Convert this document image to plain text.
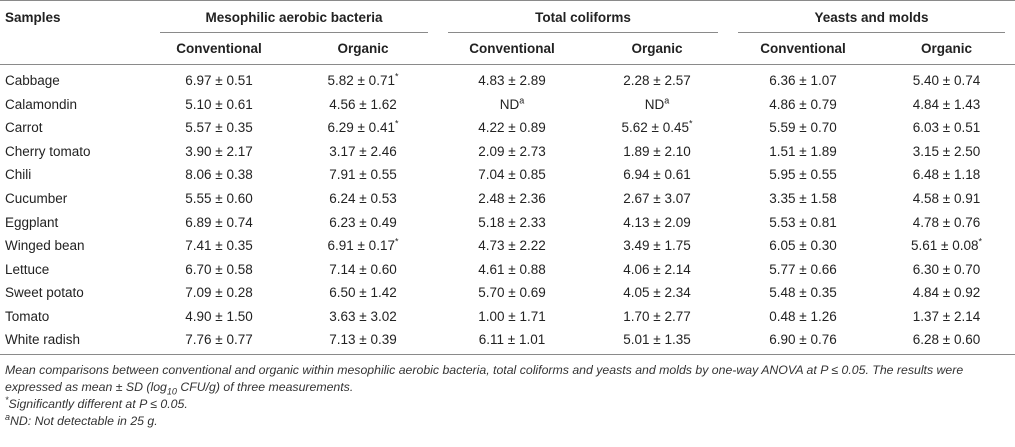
Samples	Mesophilic aerobic bacteria		Total coliforms		Yeasts and molds	

	Conventional	Organic	Conventional	Organic	Conventional	Organic
Cabbage	6.97 ± 0.51	5.82 ± 0.71*	4.83 ± 2.89	2.28 ± 2.57	6.36 ± 1.07	5.40 ± 0.74
Calamondin	5.10 ± 0.61	4.56 ± 1.62	$ND^a$	$ND^a$	4.86 ± 0.79	4.84 ± 1.43
Carrot	5.57 ± 0.35	6.29 ± 0.41*	4.22 ± 0.89	5.62 ± 0.45*	5.59 ± 0.70	6.03 ± 0.51
Cherry tomato	3.90 ± 2.17	3.17 ± 2.46	2.09 ± 2.73	1.89 ± 2.10	1.51 ± 1.89	3.15 ± 2.50
Chili	8.06 ± 0.38	7.91 ± 0.55	7.04 ± 0.85	6.94 ± 0.61	5.95 ± 0.55	6.48 ± 1.18
Cucumber	5.55 ± 0.60	6.24 ± 0.53	2.48 ± 2.36	2.67 ± 3.07	3.35 ± 1.58	4.58 ± 0.91
Eggplant	6.89 ± 0.74	6.23 ± 0.49	5.18 ± 2.33	4.13 ± 2.09	5.53 ± 0.81	4.78 ± 0.76
Winged bean	7.41 ± 0.35	6.91 ± 0.17*	4.73 ± 2.22	3.49 ± 1.75	6.05 ± 0.30	5.61 ± 0.08*
Lettuce	6.70 ± 0.58	7.14 ± 0.60	4.61 ± 0.88	4.06 ± 2.14	5.77 ± 0.66	6.30 ± 0.70
Sweet potato	7.09 ± 0.28	6.50 ± 1.42	5.70 ± 0.69	4.05 ± 2.34	5.48 ± 0.35	4.84 ± 0.92
Tomato	4.90 ± 1.50	3.63 ± 3.02	1.00 ± 1.71	1.70 ± 2.77	0.48 ± 1.26	1.37 ± 2.14
White radish	7.76 ± 0.77	7.13 ± 0.39	6.11 ± 1.01	5.01 ± 1.35	6.90 ± 0.76	6.28 ± 0.60

Mean comparisons between conventional and organic within mesophilic aerobic bacteria, total coliforms and yeasts and molds by one-way ANOVA at P ≤ 0.05. The results were expressed as mean ± SD ($\log_{10}$ CFU/g) of three measurements.

*Significantly different at P ≤ 0.05.

$^a$ND: Not detectable in 25 g.
